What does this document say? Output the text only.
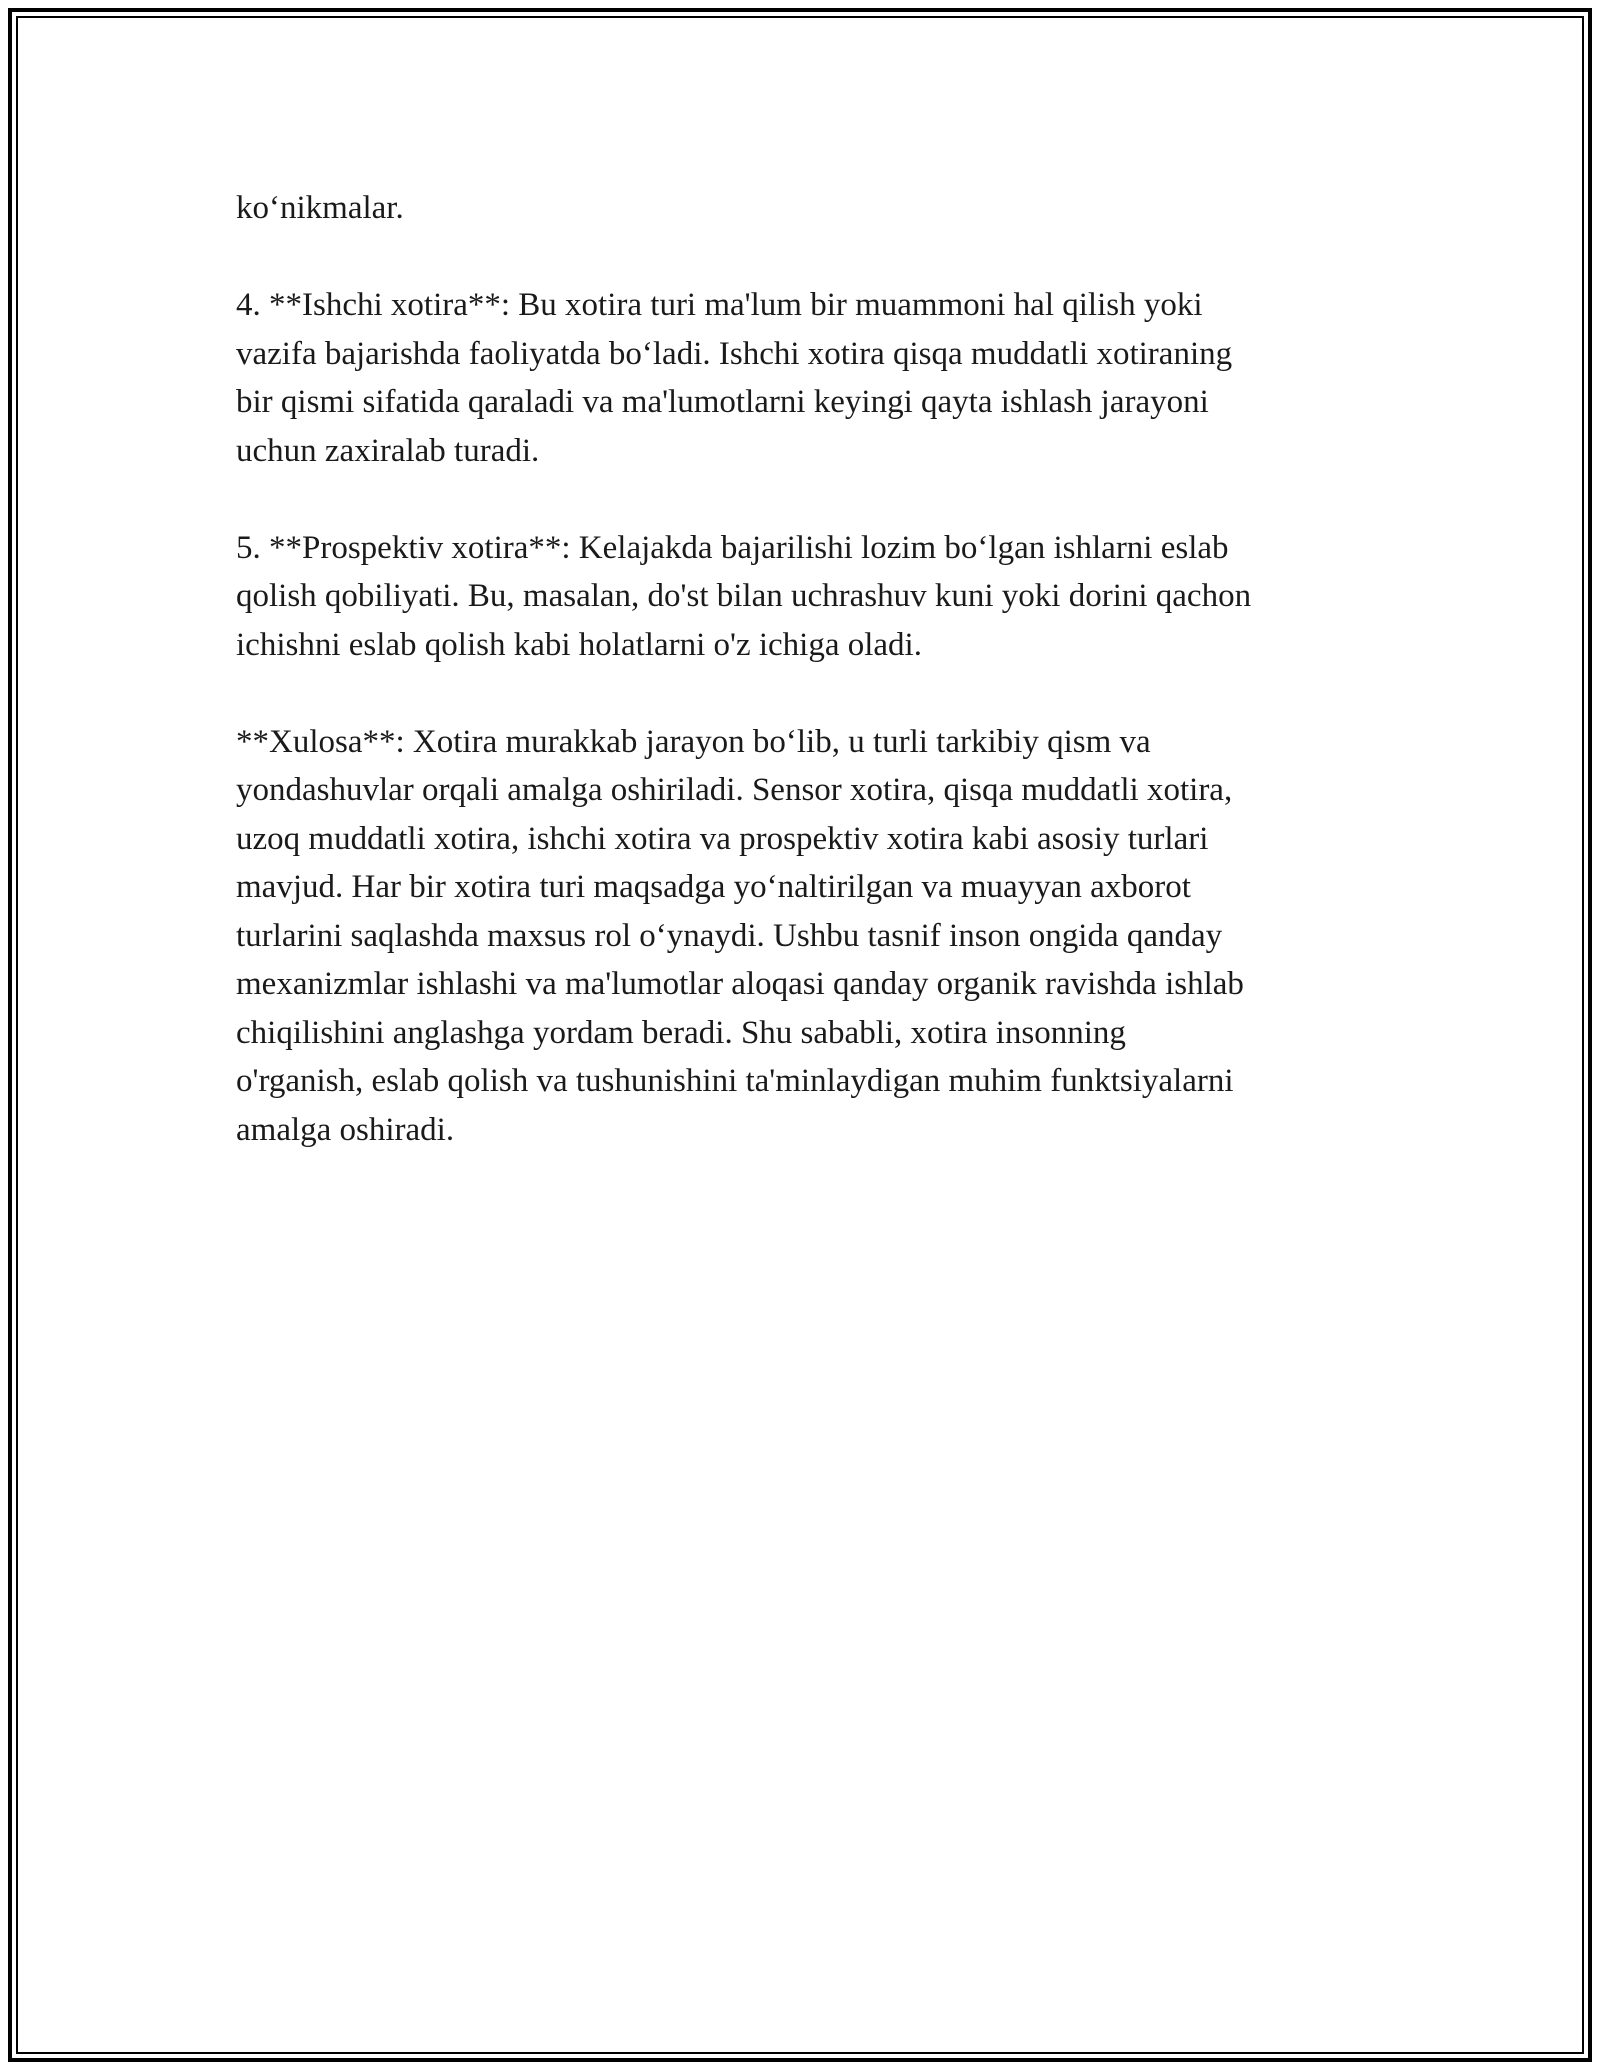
ko‘nikmalar.

4. **Ishchi xotira**: Bu xotira turi ma'lum bir muammoni hal qilish yoki
vazifa bajarishda faoliyatda bo‘ladi. Ishchi xotira qisqa muddatli xotiraning
bir qismi sifatida qaraladi va ma'lumotlarni keyingi qayta ishlash jarayoni
uchun zaxiralab turadi.

5. **Prospektiv xotira**: Kelajakda bajarilishi lozim bo‘lgan ishlarni eslab
qolish qobiliyati. Bu, masalan, do'st bilan uchrashuv kuni yoki dorini qachon
ichishni eslab qolish kabi holatlarni o'z ichiga oladi.

**Xulosa**: Xotira murakkab jarayon bo‘lib, u turli tarkibiy qism va
yondashuvlar orqali amalga oshiriladi. Sensor xotira, qisqa muddatli xotira,
uzoq muddatli xotira, ishchi xotira va prospektiv xotira kabi asosiy turlari
mavjud. Har bir xotira turi maqsadga yo‘naltirilgan va muayyan axborot
turlarini saqlashda maxsus rol o‘ynaydi. Ushbu tasnif inson ongida qanday
mexanizmlar ishlashi va ma'lumotlar aloqasi qanday organik ravishda ishlab
chiqilishini anglashga yordam beradi. Shu sababli, xotira insonning
o'rganish, eslab qolish va tushunishini ta'minlaydigan muhim funktsiyalarni
amalga oshiradi.
